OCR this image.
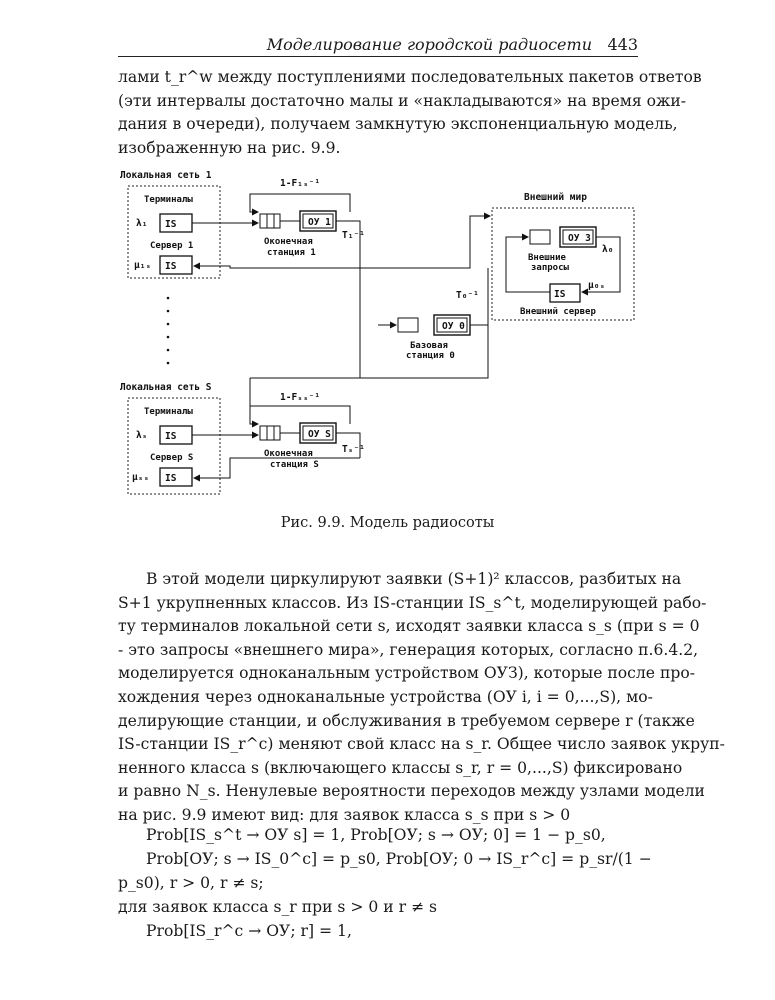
Моделирование городской радиосети 443

лами t_r^w между поступлениями последовательных пакетов ответов
(эти интервалы достаточно малы и «накладываются» на время ожи-
дания в очереди), получаем замкнутую экспоненциальную модель,
изображенную на рис. 9.9.

Локальная сеть 1
Терминалы
λ₁ IS
Сервер 1
μ₁ₛ IS
1-F₁ₛ⁻¹
ОУ 1
Оконечная
станция 1
T₁⁻¹
Внешний мир
ОУ З
λ₀
Внешние
запросы
IS
μ₀ₛ
Внешний сервер
T₀⁻¹
ОУ 0
Базовая
станция 0
Локальная сеть S
Терминалы
λₛ IS
Сервер S
μₛₛ IS
1-Fₛₛ⁻¹
ОУ S
Оконечная
станция S
Tₛ⁻¹
Рис. 9.9. Модель радиосоты

В этой модели циркулируют заявки (S+1)² классов, разбитых на
S+1 укрупненных классов. Из IS-станции IS_s^t, моделирующей рабо-
ту терминалов локальной сети s, исходят заявки класса s_s (при s = 0
- это запросы «внешнего мира», генерация которых, согласно п.6.4.2,
моделируется одноканальным устройством ОУЗ), которые после про-
хождения через одноканальные устройства (ОУ i, i = 0,...,S), мо-
делирующие станции, и обслуживания в требуемом сервере r (также
IS-станции IS_r^c) меняют свой класс на s_r. Общее число заявок укруп-
ненного класса s (включающего классы s_r, r = 0,...,S) фиксировано
и равно N_s. Ненулевые вероятности переходов между узлами модели
на рис. 9.9 имеют вид: для заявок класса s_s при s > 0

Prob[IS_s^t → ОУ s] = 1, Prob[ОУ; s → ОУ; 0] = 1 − p_s0,

Prob[ОУ; s → IS_0^c] = p_s0, Prob[ОУ; 0 → IS_r^c] = p_sr/(1 −

p_s0), r > 0, r ≠ s;

для заявок класса s_r при s > 0 и r ≠ s

Prob[IS_r^c → ОУ; r] = 1,
